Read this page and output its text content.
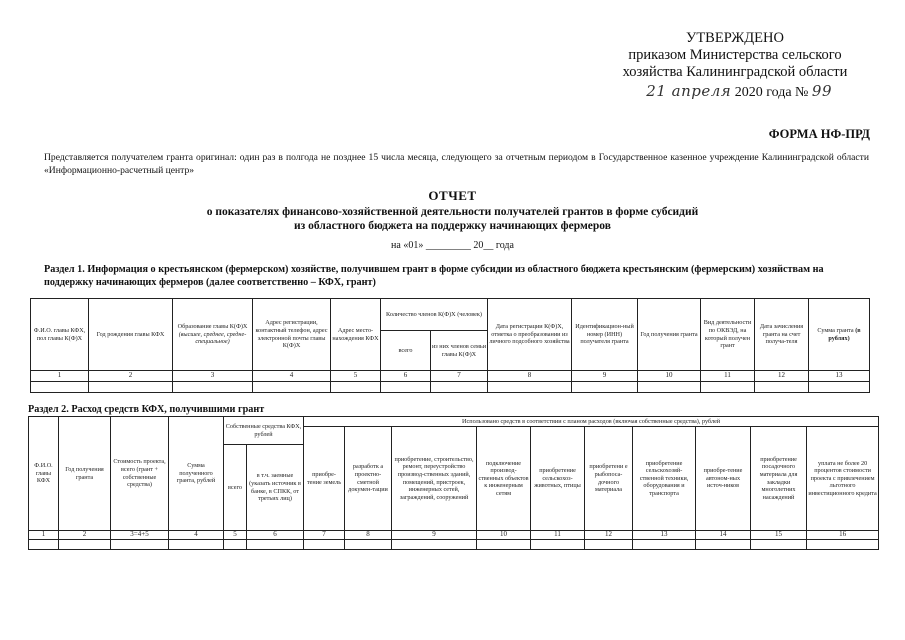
УТВЕРЖДЕНО
приказом Министерства сельского
хозяйства Калининградской области
21 апреля 2020 года № 99
ФОРМА НФ-ПРД
Представляется получателем гранта оригинал: один раз в полгода не позднее 15 числа месяца, следующего за отчетным периодом в Государственное казенное учреждение Калининградской области «Информационно-расчетный центр»
ОТЧЕТ
о показателях финансово-хозяйственной деятельности получателей грантов в форме субсидий
из областного бюджета на поддержку начинающих фермеров
на «01» _________ 20__ года
Раздел 1. Информация о крестьянском (фермерском) хозяйстве, получившем грант в форме субсидии из областного бюджета крестьянским (фермерским) хозяйствам на поддержку начинающих фермеров (далее соответственно – КФХ, грант)
Ф.И.О. главы КФХ, пол главы К(Ф)Х	Год рождения главы КФХ	Образование главы К(Ф)Х (высшее, среднее, средне-специальное)	Адрес регистрации, контактный телефон, адрес электронной почты главы К(Ф)Х	Адрес место-нахождения КФХ	Количество членов К(Ф)Х (человек)		Дата регистрации К(Ф)Х, отметка о преобразовании из личного подсобного хозяйства	Идентификацион-ный номер (ИНН) получателя гранта	Год получения гранта	Вид деятельности по ОКВЭД, на который получен грант	Дата зачисления гранта на счет получа-теля	Сумма гранта (в рублях)
					всего	из них членов семьи главы К(Ф)Х						
1	2	3	4	5	6	7	8	9	10	11	12	13

Раздел 2. Расход средств КФХ, получившими грант
Ф.И.О. главы КФХ	Год получения гранта	Стоимость проекта, всего (грант + собственные средства)	Сумма полученного гранта, рублей	Собственные средства КФХ, рублей		Использовано средств в соответствии с планом расходов (включая собственные средства), рублей									
						приобре-тение земель	разработк а проектно-сметной докумен-тации	приобретение, строительство, ремонт, переустройство производ-ственных зданий, помещений, пристроек, инженерных сетей, заграждений, сооружений	подключение производ-ственных объектов к инженерным сетям	приобретение сельскохоз-животных, птицы	приобретени е рыбопоса-дочного материала	приобретение сельскохозяй-ственной техники, оборудования и транспорта	приобре-тение автоном-ных источ-ников	приобретение посадочного материала для закладки многолетних насаждений	уплата не более 20 процентов стоимости проекта с привлечением льготного инвестиционного кредита
				всего	в т.ч. заемные (указать источник в банке, в СПКК, от третьих лиц)										
1	2	3=4+5	4	5	6	7	8	9	10	11	12	13	14	15	16
